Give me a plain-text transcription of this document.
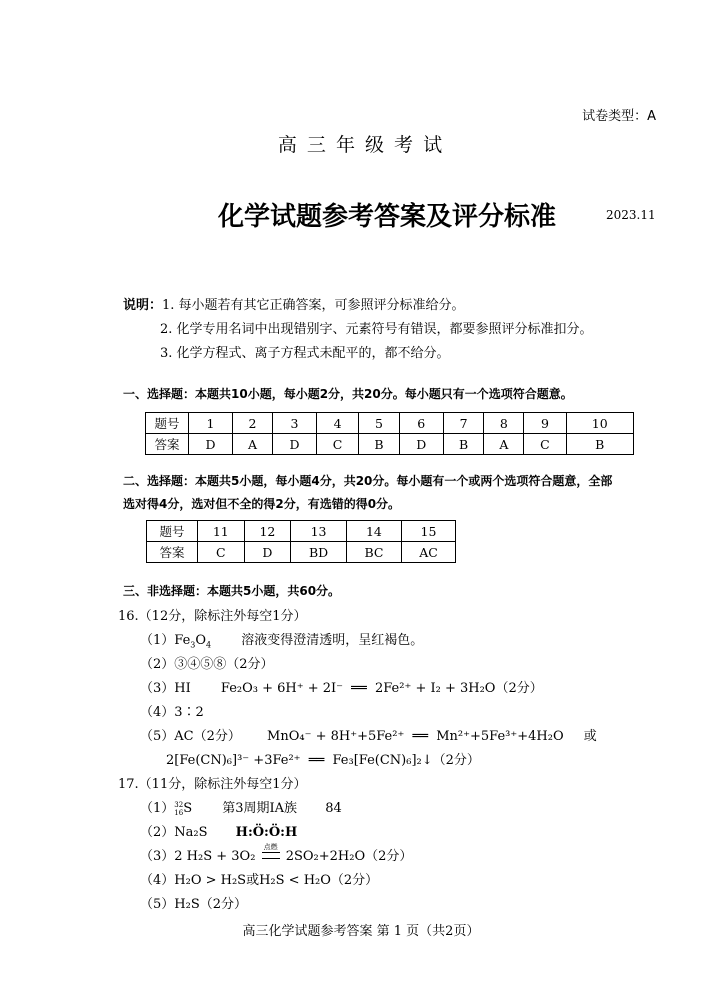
试卷类型：A
高 三 年 级 考 试
化学试题参考答案及评分标准	2023.11
说明：1. 每小题若有其它正确答案，可参照评分标准给分。
2. 化学专用名词中出现错别字、元素符号有错误，都要参照评分标准扣分。
3. 化学方程式、离子方程式未配平的，都不给分。
一、选择题：本题共10小题，每小题2分，共20分。每小题只有一个选项符合题意。
题号	1	2	3	4	5	6	7	8	9	10
答案	D	A	D	C	B	D	B	A	C	B
二、选择题：本题共5小题，每小题4分，共20分。每小题有一个或两个选项符合题意，全部
选对得4分，选对但不全的得2分，有选错的得0分。
题号	11	12	13	14	15
答案	C	D	BD	BC	AC
三、非选择题：本题共5小题，共60分。
16.（12分，除标注外每空1分）
$(1)Fe_3O_4$ 溶液变得澄清透明，呈红褐色。
（2）③④⑤⑧（2分）
（3）HI Fe₂O₃ + 6H⁺ + 2I⁻ ══ 2Fe²⁺ + I₂ + 3H₂O（2分）
（4）3∶2
（5）AC（2分） MnO₄⁻ + 8H⁺+5Fe²⁺ ══ Mn²⁺+5Fe³⁺+4H₂O 或
2[Fe(CN)₆]³⁻ +3Fe²⁺ ══ Fe₃[Fe(CN)₆]₂↓（2分）
17.（11分，除标注外每空1分）
（1）32
16S 第3周期ⅠA族 84
（2）Na₂S H:Ö:Ö:H
（3）2 H₂S + 3O₂
点燃
2SO₂+2H₂O（2分）
（4）H₂O > H₂S或H₂S < H₂O（2分）
（5）H₂S（2分）
高三化学试题参考答案 第 1 页（共2页）
